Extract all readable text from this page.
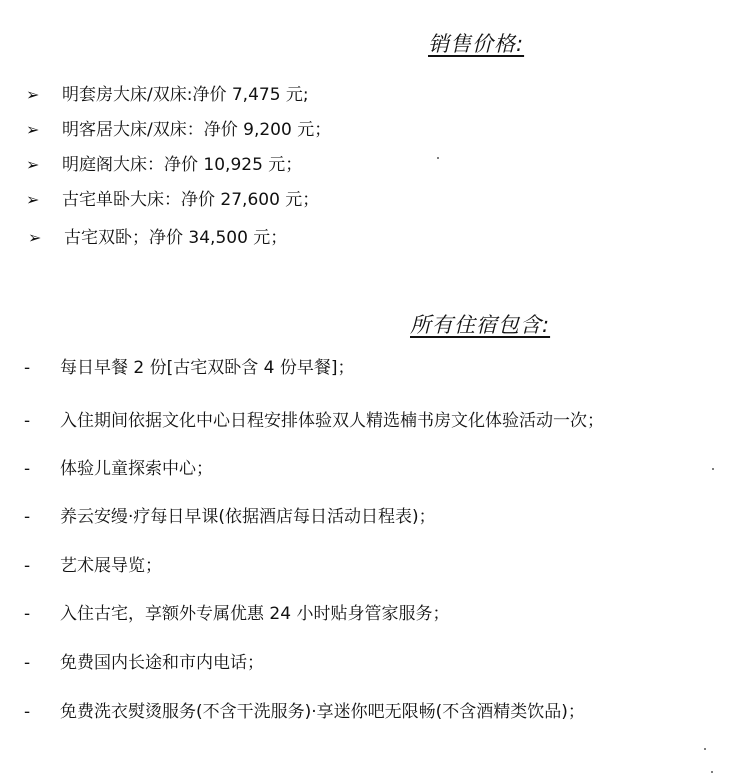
销售价格:
➢ 明套房大床/双床:净价 7,475 元;
➢ 明客居大床/双床：净价 9,200 元；
➢ 明庭阁大床：净价 10,925 元；
➢ 古宅单卧大床：净价 27,600 元；
➢ 古宅双卧；净价 34,500 元；
所有住宿包含:
- 每日早餐 2 份[古宅双卧含 4 份早餐]；
- 入住期间依据文化中心日程安排体验双人精选楠书房文化体验活动一次；
- 体验儿童探索中心；
- 养云安缦·疗每日早课(依据酒店每日活动日程表)；
- 艺术展导览；
- 入住古宅，享额外专属优惠 24 小时贴身管家服务；
- 免费国内长途和市内电话；
- 免费洗衣熨烫服务(不含干洗服务)·享迷你吧无限畅(不含酒精类饮品)；
